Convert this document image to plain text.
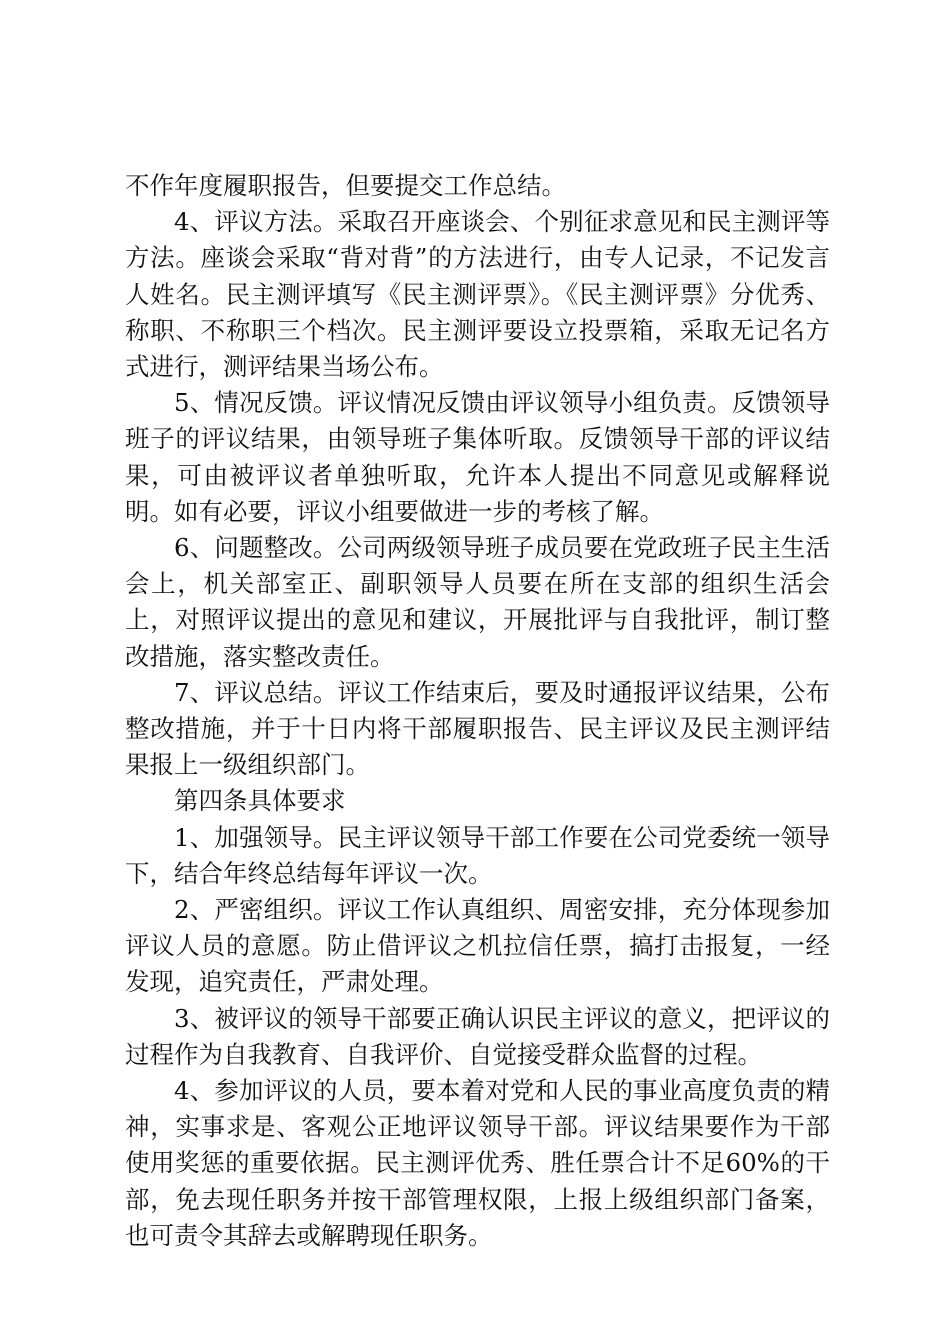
不作年度履职报告，但要提交工作总结。

4、评议方法。采取召开座谈会、个别征求意见和民主测评等方法。座谈会采取“背对背”的方法进行，由专人记录，不记发言人姓名。民主测评填写《民主测评票》。《民主测评票》分优秀、称职、不称职三个档次。民主测评要设立投票箱，采取无记名方式进行，测评结果当场公布。

5、情况反馈。评议情况反馈由评议领导小组负责。反馈领导班子的评议结果，由领导班子集体听取。反馈领导干部的评议结果，可由被评议者单独听取，允许本人提出不同意见或解释说明。如有必要，评议小组要做进一步的考核了解。

6、问题整改。公司两级领导班子成员要在党政班子民主生活会上，机关部室正、副职领导人员要在所在支部的组织生活会上，对照评议提出的意见和建议，开展批评与自我批评，制订整改措施，落实整改责任。

7、评议总结。评议工作结束后，要及时通报评议结果，公布整改措施，并于十日内将干部履职报告、民主评议及民主测评结果报上一级组织部门。

第四条具体要求

1、加强领导。民主评议领导干部工作要在公司党委统一领导下，结合年终总结每年评议一次。

2、严密组织。评议工作认真组织、周密安排，充分体现参加评议人员的意愿。防止借评议之机拉信任票，搞打击报复，一经发现，追究责任，严肃处理。

3、被评议的领导干部要正确认识民主评议的意义，把评议的过程作为自我教育、自我评价、自觉接受群众监督的过程。

4、参加评议的人员，要本着对党和人民的事业高度负责的精神，实事求是、客观公正地评议领导干部。评议结果要作为干部使用奖惩的重要依据。民主测评优秀、胜任票合计不足60%的干部，免去现任职务并按干部管理权限，上报上级组织部门备案，也可责令其辞去或解聘现任职务。
